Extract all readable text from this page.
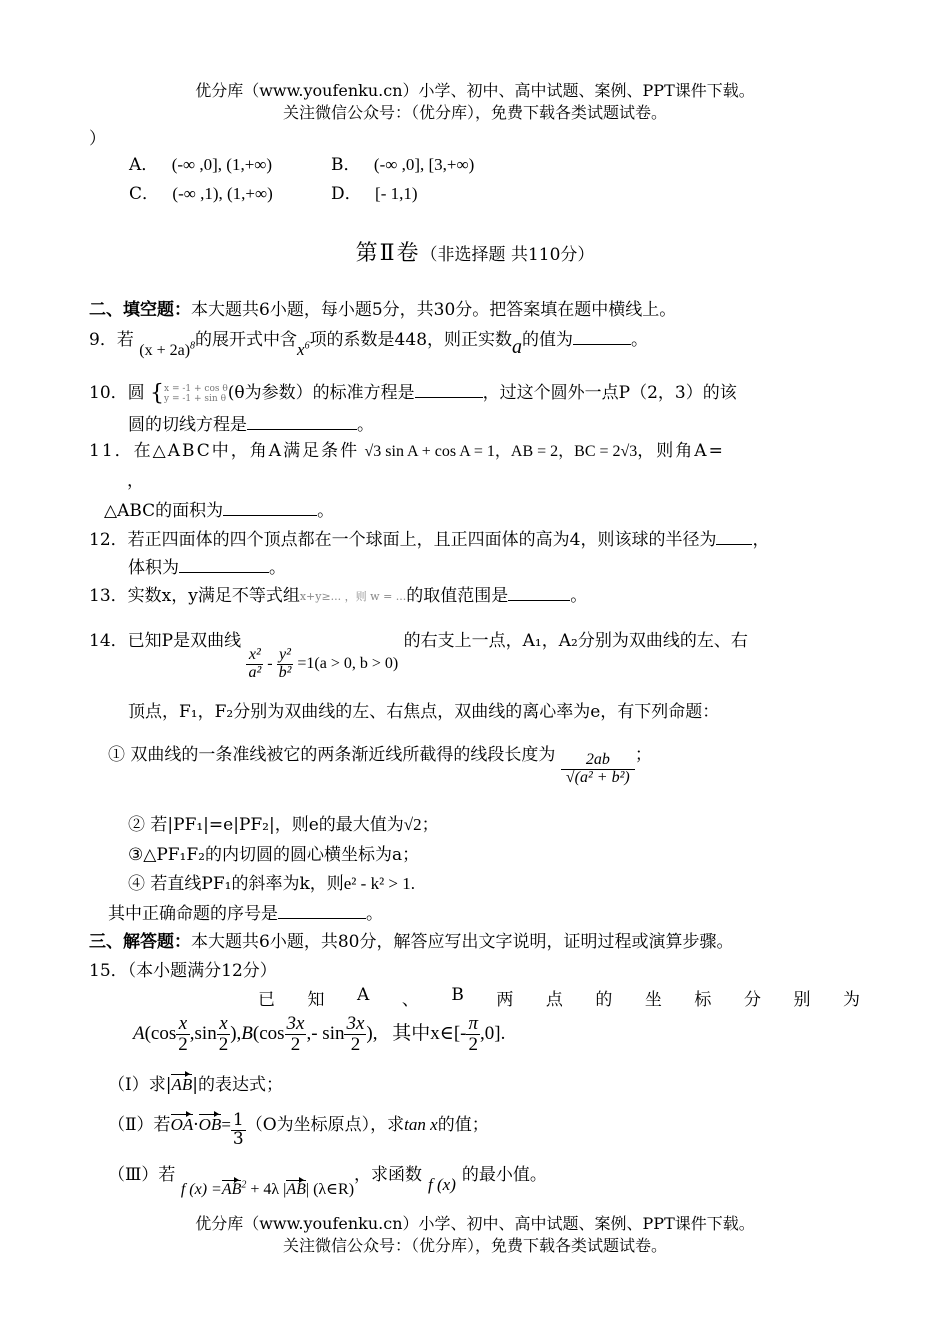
优分库（www.youfenku.cn）小学、初中、高中试题、案例、PPT课件下载。
关注微信公众号：（优分库），免费下载各类试题试卷。
）
A． (-∞ ,0], (1,+∞)	B． (-∞ ,0], [3,+∞)
C． (-∞ ,1), (1,+∞)	D． [- 1,1)
第Ⅱ卷（非选择题 共110分）
二、填空题：本大题共6小题，每小题5分，共30分。把答案填在题中横线上。
9．若 $(x + 2a)^8$的展开式中含$x^6$项的系数是448，则正实数a的值为	。
10．圆 {x = -1 + cos θ
y = -1 + sin θ (θ为参数）的标准方程是	，过这个圆外一点P（2，3）的该
圆的切线方程是	。
11．在△ABC中，角A满足条件 √3 sin A + cos A = 1，AB = 2，BC = 2√3，则角A=
，
△ABC的面积为	。
12．若正四面体的四个顶点都在一个球面上，且正四面体的高为4，则该球的半径为 ，
体积为	。
13．实数x，y满足不等式组x+y≥... ，则 w = ...的取值范围是	。
14．已知P是双曲线
$\frac{\text{x²}}{\text{a²}} - \frac{\text{y²}}{\text{b²}} =1(a > 0$, b > 0) 的右支上一点，A₁，A₂分别为双曲线的左、右
顶点，F₁，F₂分别为双曲线的左、右焦点，双曲线的离心率为e，有下列命题：
① 双曲线的一条准线被它的两条渐近线所截得的线段长度为 $\frac{2ab}{\text{√(a² + b²)}}$ ；
② 若|PF₁|=e|PF₂|，则e的最大值为√2；
③△PF₁F₂的内切圆的圆心横坐标为a；
④ 若直线PF₁的斜率为k，则e² - k² > 1.
其中正确命题的序号是	。
三、解答题：本大题共6小题，共80分，解答应写出文字说明，证明过程或演算步骤。
15．（本小题满分12分）
已 知 A 、 B 两 点 的 坐 标 分 别 为
$A(\cos \frac{x}{2} ,\sin \frac{x}{2} ),B(\cos \frac{3x}{2}$ ,- $\sin \frac{3x}{2}$ ), 其中x∈[- $\frac{\pi}{2} ,0$].
（Ⅰ）求|AB|的表达式；
（Ⅱ）若$OA\cdot OB= \frac{1}{3} (O$为坐标原点），求tan x的值；
（Ⅲ）若 f $(x) =AB^2 + 4\lambda$ |AB| (λ∈R)，求函数 f (x) 的最小值。
优分库（www.youfenku.cn）小学、初中、高中试题、案例、PPT课件下载。
关注微信公众号：（优分库），免费下载各类试题试卷。
